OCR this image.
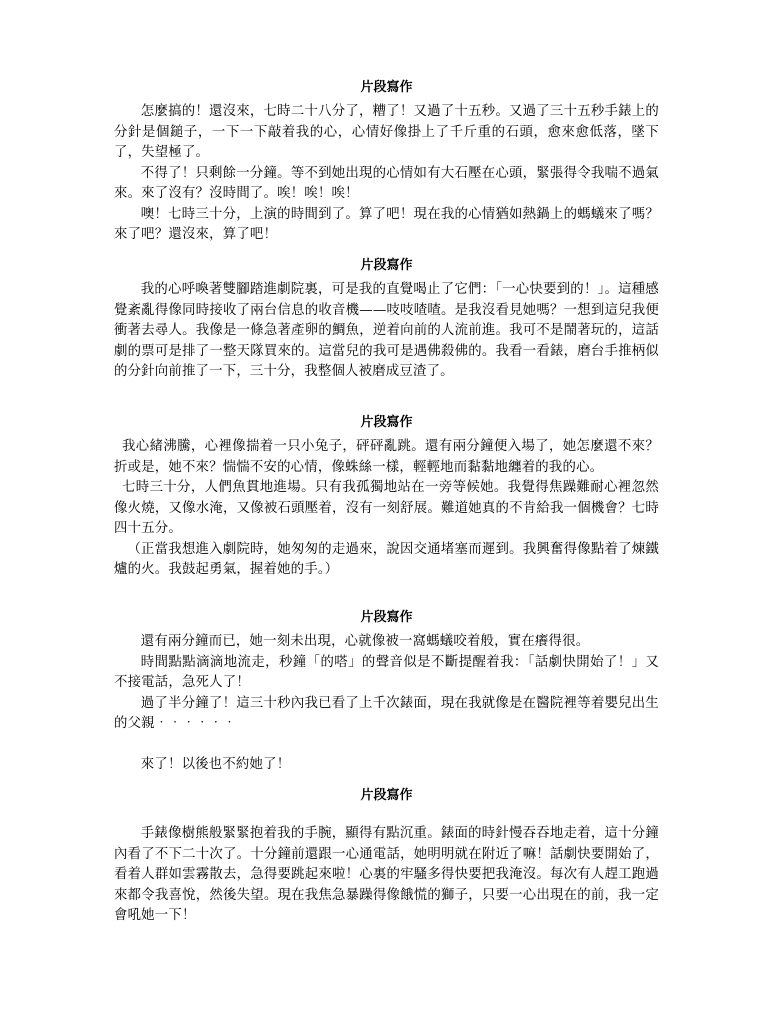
片段寫作

怎麼搞的！還沒來，七時二十八分了，糟了！又過了十五秒。又過了三十五秒手錶上的分針是個鎚子，一下一下敲着我的心，心情好像掛上了千斤重的石頭，愈來愈低落，墜下了，失望極了。

不得了！只剩餘一分鐘。等不到她出現的心情如有大石壓在心頭，緊張得令我喘不過氣來。來了沒有？沒時間了。唉！唉！唉！

噢！七時三十分，上演的時間到了。算了吧！現在我的心情猶如熱鍋上的螞蟻來了嗎？來了吧？還沒來，算了吧！

片段寫作

我的心呼喚著雙腳踏進劇院裏，可是我的直覺喝止了它們：「一心快要到的！」。這種感覺紊亂得像同時接收了兩台信息的收音機——吱吱喳喳。是我沒看見她嗎？一想到這兒我便衝著去尋人。我像是一條急著產卵的鯛魚，逆着向前的人流前進。我可不是鬧著玩的，這話劇的票可是排了一整天隊買來的。這當兒的我可是遇佛殺佛的。我看一看錶，磨台手推柄似的分針向前推了一下，三十分，我整個人被磨成豆渣了。

片段寫作

我心緒沸騰，心裡像揣着一只小兔子，砰砰亂跳。還有兩分鐘便入場了，她怎麼還不來？折或是，她不來？惴惴不安的心情，像蛛絲一樣，輕輕地而黏黏地纏着的我的心。

七時三十分，人們魚貫地進場。只有我孤獨地站在一旁等候她。我覺得焦躁難耐心裡忽然像火燒，又像水淹，又像被石頭壓着，沒有一刻舒展。難道她真的不肯給我一個機會？七時四十五分。

（正當我想進入劇院時，她匆匆的走過來，說因交通堵塞而遲到。我興奮得像點着了煉鐵爐的火。我鼓起勇氣，握着她的手。）

片段寫作

還有兩分鐘而已，她一刻未出現，心就像被一窩螞蟻咬着般，實在癢得很。

時間點點滴滴地流走，秒鐘「的嗒」的聲音似是不斷提醒着我：「話劇快開始了！」又不接電話，急死人了！

過了半分鐘了！這三十秒內我已看了上千次錶面，現在我就像是在醫院裡等着嬰兒出生的父親‧‧‧‧‧‧

來了！以後也不約她了！

片段寫作

手錶像樹熊般緊緊抱着我的手腕，顯得有點沉重。錶面的時針慢吞吞地走着，這十分鐘內看了不下二十次了。十分鐘前還跟一心通電話，她明明就在附近了嘛！話劇快要開始了，看着人群如雲霧散去，急得要跳起來啦！心裏的牢騷多得快要把我淹沒。每次有人趕工跑過來都令我喜悅，然後失望。現在我焦急暴躁得像餓慌的獅子，只要一心出現在的前，我一定會吼她一下！
